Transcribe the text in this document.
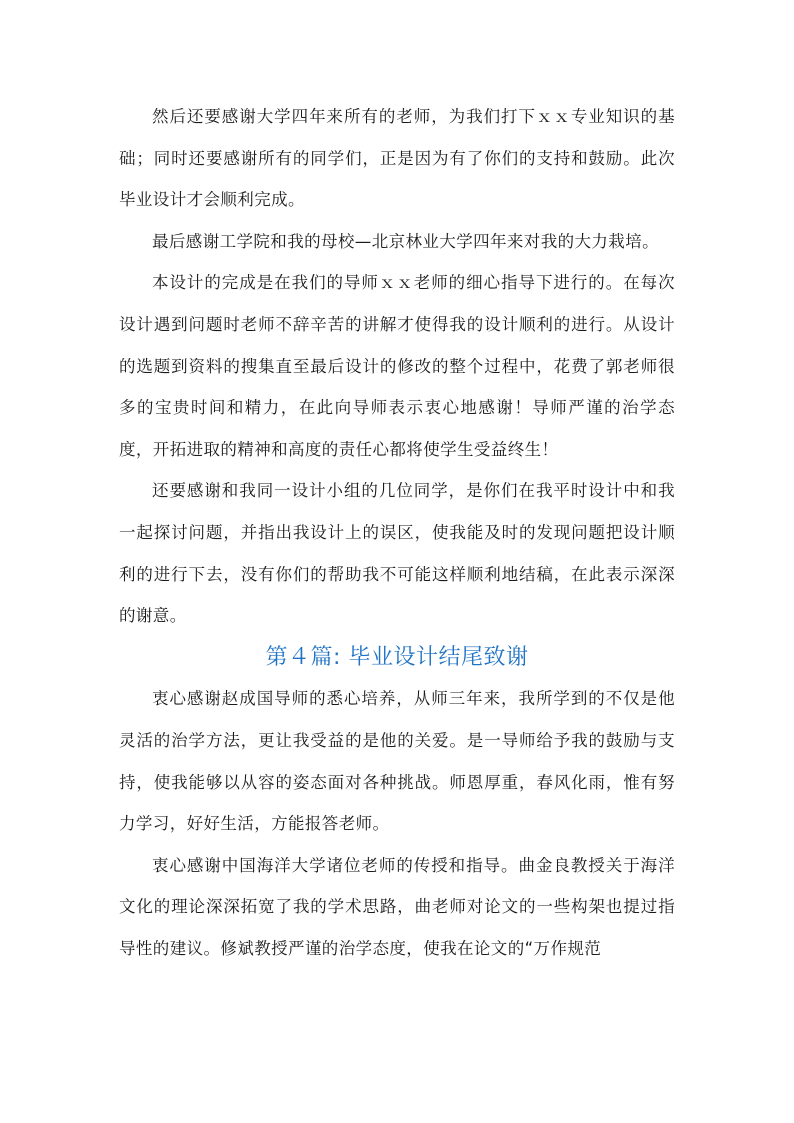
然后还要感谢大学四年来所有的老师，为我们打下ｘｘ专业知识的基础；同时还要感谢所有的同学们，正是因为有了你们的支持和鼓励。此次毕业设计才会顺利完成。

最后感谢工学院和我的母校—北京林业大学四年来对我的大力栽培。

本设计的完成是在我们的导师ｘｘ老师的细心指导下进行的。在每次设计遇到问题时老师不辞辛苦的讲解才使得我的设计顺利的进行。从设计的选题到资料的搜集直至最后设计的修改的整个过程中，花费了郭老师很多的宝贵时间和精力，在此向导师表示衷心地感谢！导师严谨的治学态度，开拓进取的精神和高度的责任心都将使学生受益终生！

还要感谢和我同一设计小组的几位同学，是你们在我平时设计中和我一起探讨问题，并指出我设计上的误区，使我能及时的发现问题把设计顺利的进行下去，没有你们的帮助我不可能这样顺利地结稿，在此表示深深的谢意。

第４篇: 毕业设计结尾致谢

衷心感谢赵成国导师的悉心培养，从师三年来，我所学到的不仅是他灵活的治学方法，更让我受益的是他的关爱。是一导师给予我的鼓励与支持，使我能够以从容的姿态面对各种挑战。师恩厚重，春风化雨，惟有努力学习，好好生活，方能报答老师。

衷心感谢中国海洋大学诸位老师的传授和指导。曲金良教授关于海洋文化的理论深深拓宽了我的学术思路，曲老师对论文的一些构架也提过指导性的建议。修斌教授严谨的治学态度，使我在论文的“万作规范
